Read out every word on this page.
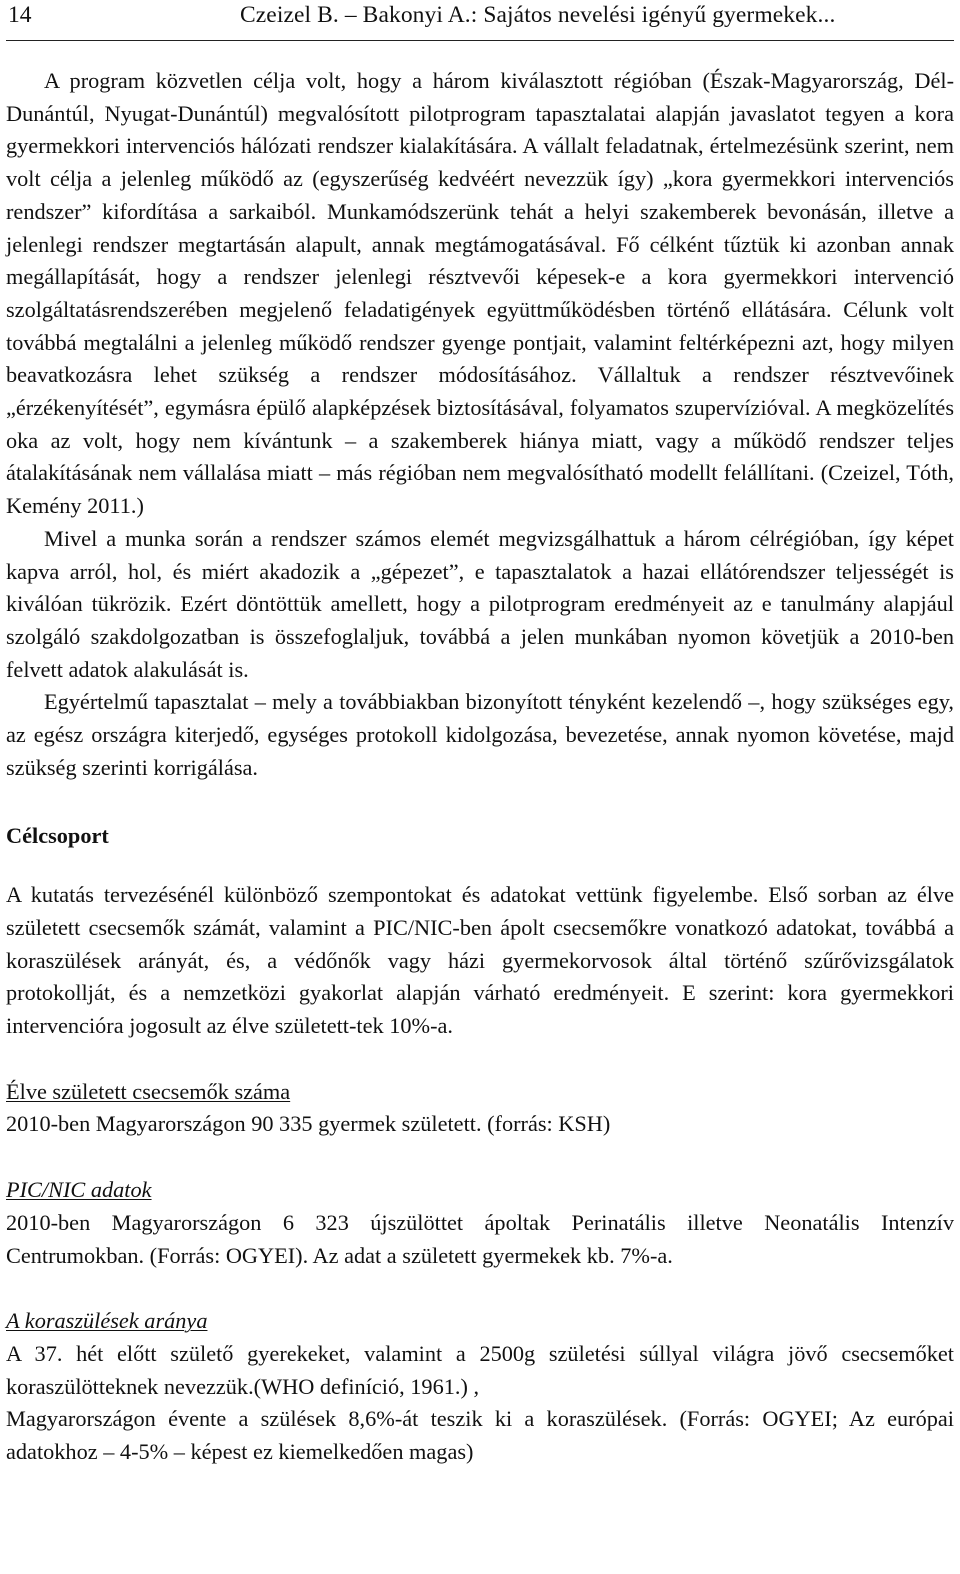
14	Czeizel B. – Bakonyi A.: Sajátos nevelési igényű gyermekek...

A program közvetlen célja volt, hogy a három kiválasztott régióban (Észak-Magyarország, Dél-Dunántúl, Nyugat-Dunántúl) megvalósított pilotprogram tapasztalatai alapján javaslatot tegyen a kora gyermekkori intervenciós hálózati rendszer kialakítására. A vállalt feladatnak, értelmezésünk szerint, nem volt célja a jelenleg működő az (egyszerűség kedvéért nevezzük így) „kora gyermekkori intervenciós rendszer” kifordítása a sarkaiból. Munkamódszerünk tehát a helyi szakemberek bevonásán, illetve a jelenlegi rendszer megtartásán alapult, annak megtámogatásával. Fő célként tűztük ki azonban annak megállapítását, hogy a rendszer jelenlegi résztvevői képesek-e a kora gyermekkori intervenció szolgáltatásrendszerében megjelenő feladatigények együttműködésben történő ellátására. Célunk volt továbbá megtalálni a jelenleg működő rendszer gyenge pontjait, valamint feltérképezni azt, hogy milyen beavatkozásra lehet szükség a rendszer módosításához. Vállaltuk a rendszer résztvevőinek „érzékenyítését”, egymásra épülő alapképzések biztosításával, folyamatos szupervízióval. A megközelítés oka az volt, hogy nem kívántunk – a szakemberek hiánya miatt, vagy a működő rendszer teljes átalakításának nem vállalása miatt – más régióban nem megvalósítható modellt felállítani. (Czeizel, Tóth, Kemény 2011.)

Mivel a munka során a rendszer számos elemét megvizsgálhattuk a három célrégióban, így képet kapva arról, hol, és miért akadozik a „gépezet”, e tapasztalatok a hazai ellátórendszer teljességét is kiválóan tükrözik. Ezért döntöttük amellett, hogy a pilotprogram eredményeit az e tanulmány alapjául szolgáló szakdolgozatban is összefoglaljuk, továbbá a jelen munkában nyomon követjük a 2010-ben felvett adatok alakulását is.

Egyértelmű tapasztalat – mely a továbbiakban bizonyított tényként kezelendő –, hogy szükséges egy, az egész országra kiterjedő, egységes protokoll kidolgozása, bevezetése, annak nyomon követése, majd szükség szerinti korrigálása.

Célcsoport

A kutatás tervezésénél különböző szempontokat és adatokat vettünk figyelembe. Első sorban az élve született csecsemők számát, valamint a PIC/NIC-ben ápolt csecsemőkre vonatkozó adatokat, továbbá a koraszülések arányát, és, a védőnők vagy házi gyermekorvosok által történő szűrővizsgálatok protokollját, és a nemzetközi gyakorlat alapján várható eredményeit. E szerint: kora gyermekkori intervencióra jogosult az élve született-tek 10%-a.

Élve született csecsemők száma

2010-ben Magyarországon 90 335 gyermek született. (forrás: KSH)

PIC/NIC adatok

2010-ben Magyarországon 6 323 újszülöttet ápoltak Perinatális illetve Neonatális Intenzív Centrumokban. (Forrás: OGYEI). Az adat a született gyermekek kb. 7%-a.

A koraszülések aránya

A 37. hét előtt születő gyerekeket, valamint a 2500g születési súllyal világra jövő csecsemőket koraszülötteknek nevezzük.(WHO definíció, 1961.) ,

Magyarországon évente a szülések 8,6%-át teszik ki a koraszülések. (Forrás: OGYEI; Az európai adatokhoz – 4-5% – képest ez kiemelkedően magas)
